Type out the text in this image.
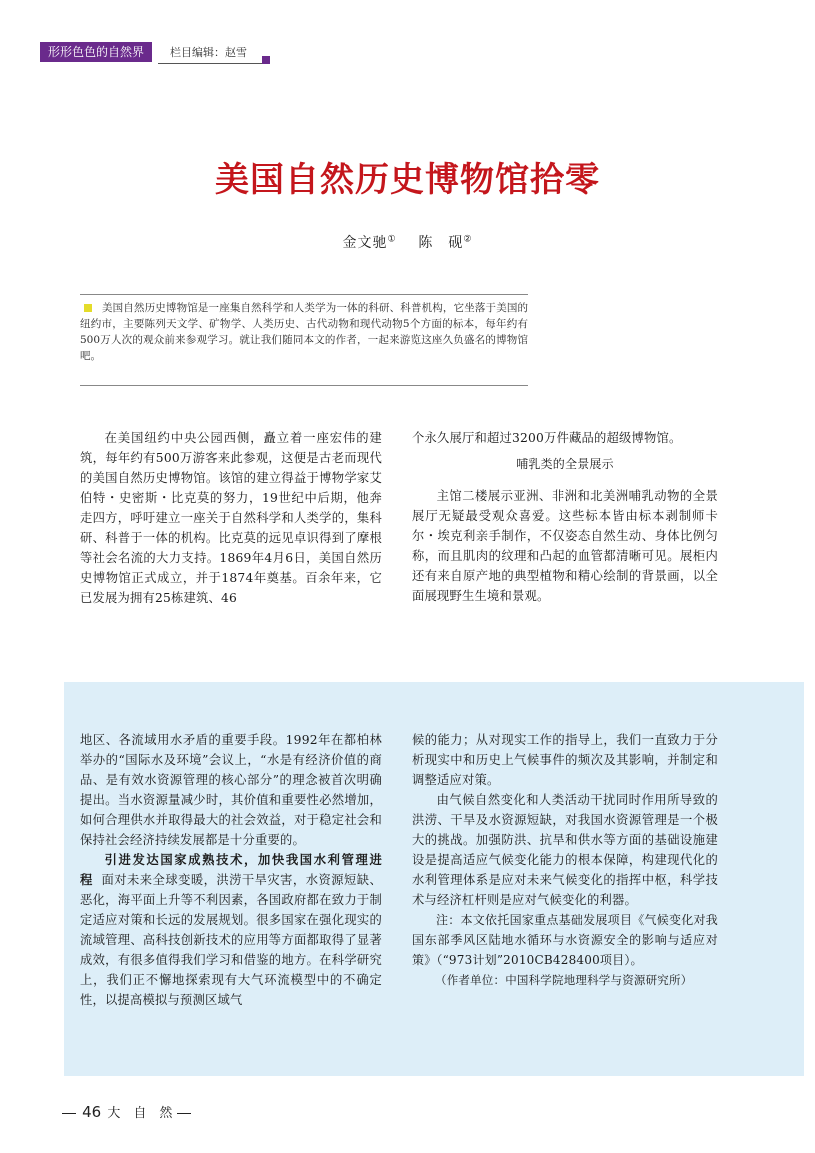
形形色色的自然界	栏目编辑：赵雪
美国自然历史博物馆拾零
金文驰① 陈　砚②
美国自然历史博物馆是一座集自然科学和人类学为一体的科研、科普机构，它坐落于美国的纽约市，主要陈列天文学、矿物学、人类历史、古代动物和现代动物5个方面的标本，每年约有500万人次的观众前来参观学习。就让我们随同本文的作者，一起来游览这座久负盛名的博物馆吧。

在美国纽约中央公园西侧，矗立着一座宏伟的建筑，每年约有500万游客来此参观，这便是古老而现代的美国自然历史博物馆。该馆的建立得益于博物学家艾伯特・史密斯・比克莫的努力，19世纪中后期，他奔走四方，呼吁建立一座关于自然科学和人类学的，集科研、科普于一体的机构。比克莫的远见卓识得到了摩根等社会名流的大力支持。1869年4月6日，美国自然历史博物馆正式成立，并于1874年奠基。百余年来，它已发展为拥有25栋建筑、46

个永久展厅和超过3200万件藏品的超级博物馆。

哺乳类的全景展示

主馆二楼展示亚洲、非洲和北美洲哺乳动物的全景展厅无疑最受观众喜爱。这些标本皆由标本剥制师卡尔・埃克利亲手制作，不仅姿态自然生动、身体比例匀称，而且肌肉的纹理和凸起的血管都清晰可见。展柜内还有来自原产地的典型植物和精心绘制的背景画，以全面展现野生生境和景观。

地区、各流域用水矛盾的重要手段。1992年在都柏林举办的“国际水及环境”会议上，“水是有经济价值的商品、是有效水资源管理的核心部分”的理念被首次明确提出。当水资源量减少时，其价值和重要性必然增加，如何合理供水并取得最大的社会效益，对于稳定社会和保持社会经济持续发展都是十分重要的。

引进发达国家成熟技术，加快我国水利管理进程 面对未来全球变暖，洪涝干旱灾害，水资源短缺、恶化，海平面上升等不利因素，各国政府都在致力于制定适应对策和长远的发展规划。很多国家在强化现实的流域管理、高科技创新技术的应用等方面都取得了显著成效，有很多值得我们学习和借鉴的地方。在科学研究上，我们正不懈地探索现有大气环流模型中的不确定性，以提高模拟与预测区域气

候的能力；从对现实工作的指导上，我们一直致力于分析现实中和历史上气候事件的频次及其影响，并制定和调整适应对策。

由气候自然变化和人类活动干扰同时作用所导致的洪涝、干旱及水资源短缺，对我国水资源管理是一个极大的挑战。加强防洪、抗旱和供水等方面的基础设施建设是提高适应气候变化能力的根本保障，构建现代化的水利管理体系是应对未来气候变化的指挥中枢，科学技术与经济杠杆则是应对气候变化的利器。

注：本文依托国家重点基础发展项目《气候变化对我国东部季风区陆地水循环与水资源安全的影响与适应对策》（“973计划”2010CB428400项目）。

（作者单位：中国科学院地理科学与资源研究所）

46 大　自　然
